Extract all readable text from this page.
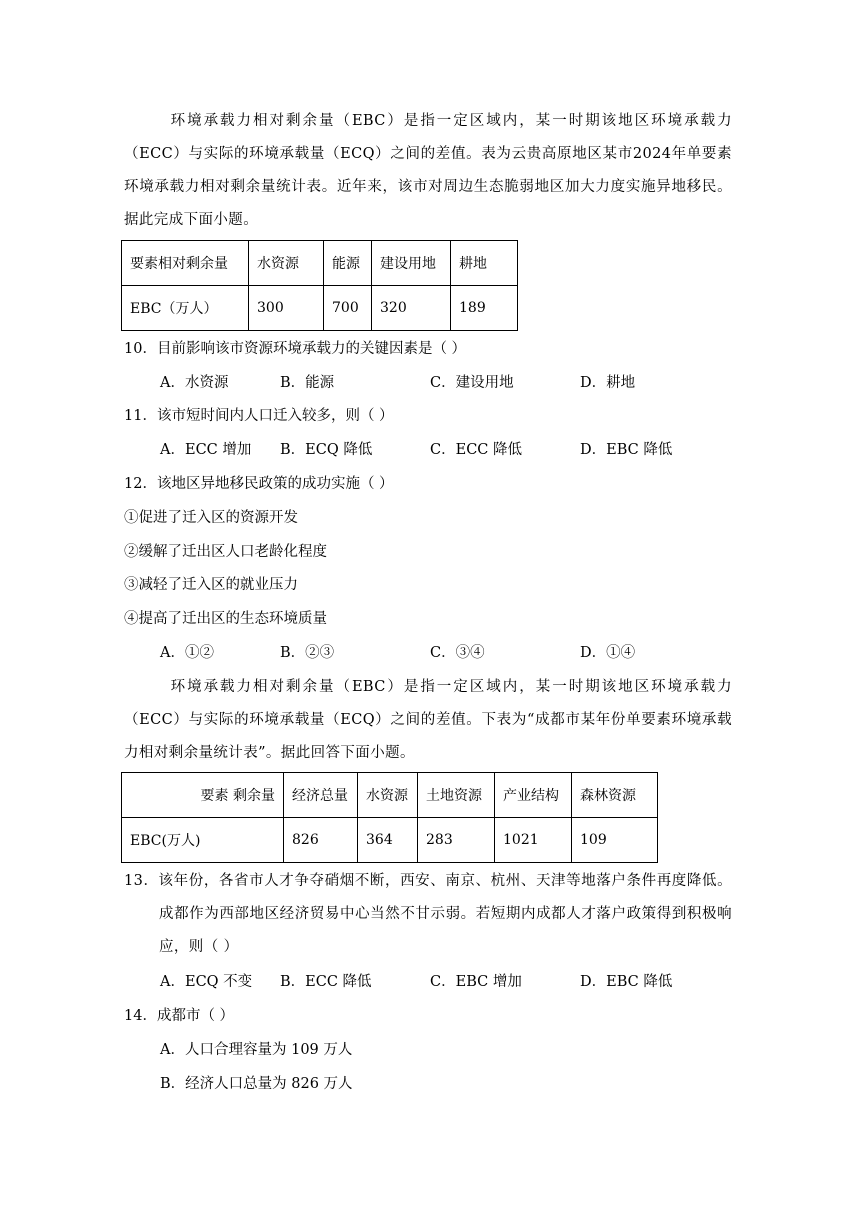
环境承载力相对剩余量（EBC）是指一定区域内，某一时期该地区环境承载力（ECC）与实际的环境承载量（ECQ）之间的差值。表为云贵高原地区某市2024年单要素环境承载力相对剩余量统计表。近年来，该市对周边生态脆弱地区加大力度实施异地移民。据此完成下面小题。
要素相对剩余量	水资源	能源	建设用地	耕地
EBC（万人）	300	700	320	189
10．目前影响该市资源环境承载力的关键因素是（ ）
A．水资源	B．能源	C．建设用地	D．耕地
11．该市短时间内人口迁入较多，则（ ）
A．ECC 增加 B．ECQ 降低	C．ECC 降低	D．EBC 降低
12．该地区异地移民政策的成功实施（ ）
①促进了迁入区的资源开发
②缓解了迁出区人口老龄化程度
③减轻了迁入区的就业压力
④提高了迁出区的生态环境质量
A．①②	B．②③	C．③④	D．①④
环境承载力相对剩余量（EBC）是指一定区域内，某一时期该地区环境承载力（ECC）与实际的环境承载量（ECQ）之间的差值。下表为“成都市某年份单要素环境承载力相对剩余量统计表”。据此回答下面小题。
要素 剩余量	经济总量	水资源	土地资源	产业结构	森林资源
EBC(万人)	826	364	283	1021	109
13．该年份，各省市人才争夺硝烟不断，西安、南京、杭州、天津等地落户条件再度降低。成都作为西部地区经济贸易中心当然不甘示弱。若短期内成都人才落户政策得到积极响应，则（ ）
A．ECQ 不变 B．ECC 降低	C．EBC 增加	D．EBC 降低
14．成都市（ ）
A．人口合理容量为 109 万人
B．经济人口总量为 826 万人
